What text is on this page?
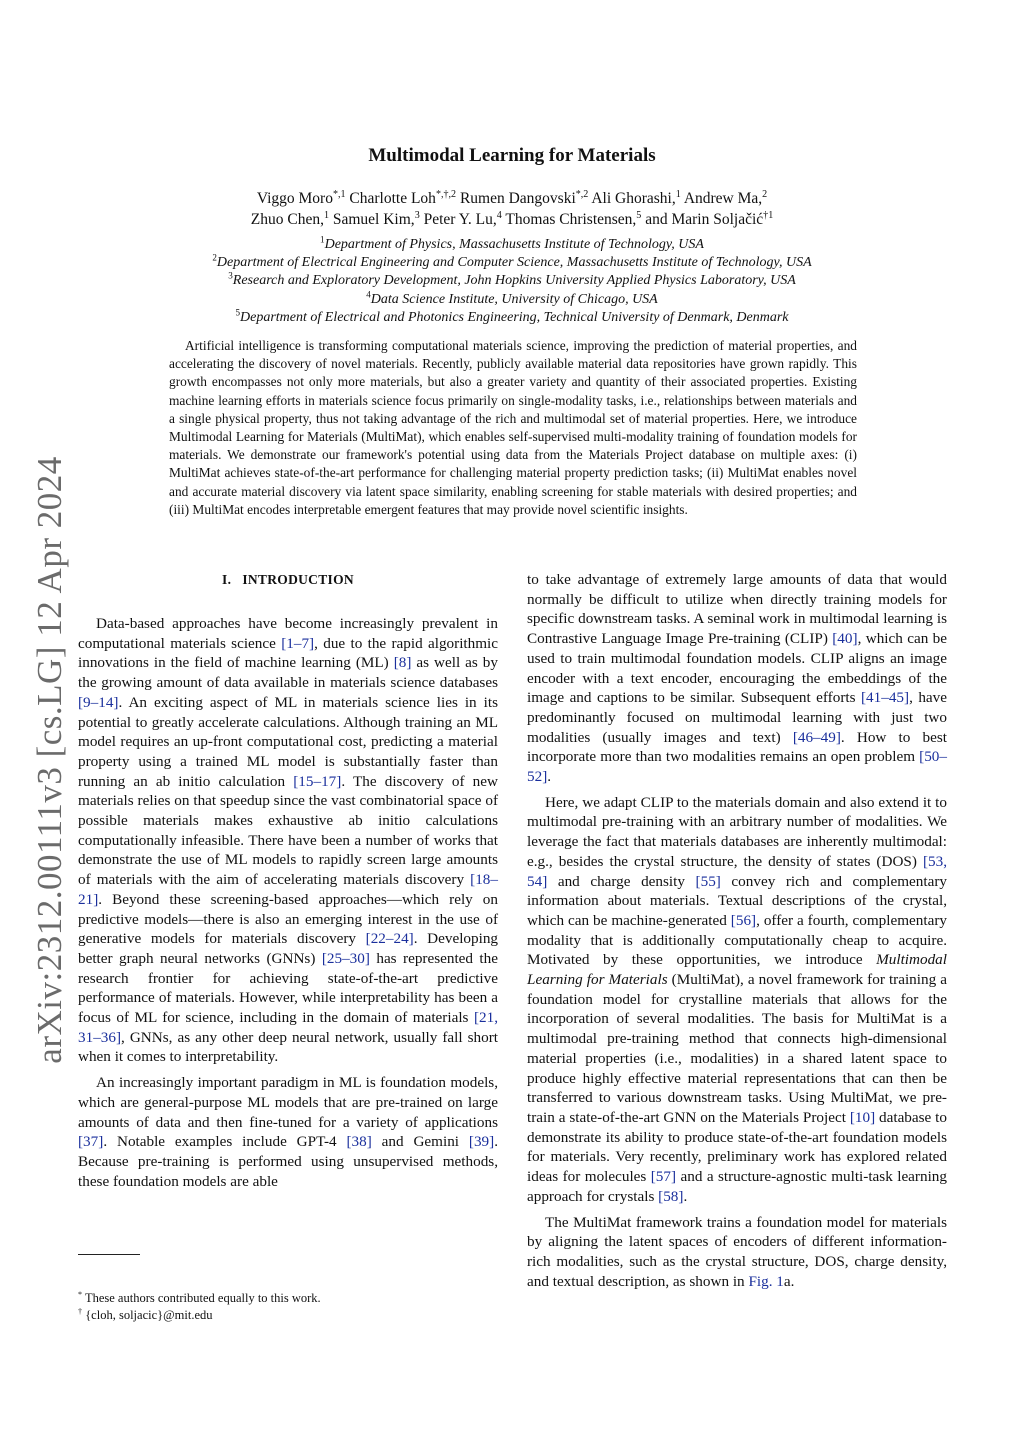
arXiv:2312.00111v3 [cs.LG] 12 Apr 2024
Multimodal Learning for Materials
Viggo Moro$^{*,1}$ Charlotte Loh$^{*,\dagger,2}$ Rumen Dangovski$^{*,2}$ Ali Ghorashi,$^1$ Andrew Ma,$^2$
Zhuo Chen,$^1$ Samuel Kim,$^3$ Peter Y. Lu,$^4$ Thomas Christensen,$^5$ and Marin Soljačić$^{\dagger 1}$
$^1$Department of Physics, Massachusetts Institute of Technology, USA
$^2$Department of Electrical Engineering and Computer Science, Massachusetts Institute of Technology, USA
$^3$Research and Exploratory Development, John Hopkins University Applied Physics Laboratory, USA
$^4$Data Science Institute, University of Chicago, USA
$^5$Department of Electrical and Photonics Engineering, Technical University of Denmark, Denmark
Artificial intelligence is transforming computational materials science, improving the prediction of material properties, and accelerating the discovery of novel materials. Recently, publicly available material data repositories have grown rapidly. This growth encompasses not only more materials, but also a greater variety and quantity of their associated properties. Existing machine learning efforts in materials science focus primarily on single-modality tasks, i.e., relationships between materials and a single physical property, thus not taking advantage of the rich and multimodal set of material properties. Here, we introduce Multimodal Learning for Materials (MultiMat), which enables self-supervised multi-modality training of foundation models for materials. We demonstrate our framework's potential using data from the Materials Project database on multiple axes: (i) MultiMat achieves state-of-the-art performance for challenging material property prediction tasks; (ii) MultiMat enables novel and accurate material discovery via latent space similarity, enabling screening for stable materials with desired properties; and (iii) MultiMat encodes interpretable emergent features that may provide novel scientific insights.
I. INTRODUCTION

Data-based approaches have become increasingly prevalent in computational materials science [1–7], due to the rapid algorithmic innovations in the field of machine learning (ML) [8] as well as by the growing amount of data available in materials science databases [9–14]. An exciting aspect of ML in materials science lies in its potential to greatly accelerate calculations. Although training an ML model requires an up-front computational cost, predicting a material property using a trained ML model is substantially faster than running an ab initio calculation [15–17]. The discovery of new materials relies on that speedup since the vast combinatorial space of possible materials makes exhaustive ab initio calculations computationally infeasible. There have been a number of works that demonstrate the use of ML models to rapidly screen large amounts of materials with the aim of accelerating materials discovery [18–21]. Beyond these screening-based approaches—which rely on predictive models—there is also an emerging interest in the use of generative models for materials discovery [22–24]. Developing better graph neural networks (GNNs) [25–30] has represented the research frontier for achieving state-of-the-art predictive performance of materials. However, while interpretability has been a focus of ML for science, including in the domain of materials [21, 31–36], GNNs, as any other deep neural network, usually fall short when it comes to interpretability.

An increasingly important paradigm in ML is foundation models, which are general-purpose ML models that are pre-trained on large amounts of data and then fine-tuned for a variety of applications [37]. Notable examples include GPT-4 [38] and Gemini [39]. Because pre-training is performed using unsupervised methods, these foundation models are able

to take advantage of extremely large amounts of data that would normally be difficult to utilize when directly training models for specific downstream tasks. A seminal work in multimodal learning is Contrastive Language Image Pre-training (CLIP) [40], which can be used to train multimodal foundation models. CLIP aligns an image encoder with a text encoder, encouraging the embeddings of the image and captions to be similar. Subsequent efforts [41–45], have predominantly focused on multimodal learning with just two modalities (usually images and text) [46–49]. How to best incorporate more than two modalities remains an open problem [50–52].

Here, we adapt CLIP to the materials domain and also extend it to multimodal pre-training with an arbitrary number of modalities. We leverage the fact that materials databases are inherently multimodal: e.g., besides the crystal structure, the density of states (DOS) [53, 54] and charge density [55] convey rich and complementary information about materials. Textual descriptions of the crystal, which can be machine-generated [56], offer a fourth, complementary modality that is additionally computationally cheap to acquire. Motivated by these opportunities, we introduce Multimodal Learning for Materials (MultiMat), a novel framework for training a foundation model for crystalline materials that allows for the incorporation of several modalities. The basis for MultiMat is a multimodal pre-training method that connects high-dimensional material properties (i.e., modalities) in a shared latent space to produce highly effective material representations that can then be transferred to various downstream tasks. Using MultiMat, we pre-train a state-of-the-art GNN on the Materials Project [10] database to demonstrate its ability to produce state-of-the-art foundation models for materials. Very recently, preliminary work has explored related ideas for molecules [57] and a structure-agnostic multi-task learning approach for crystals [58].

The MultiMat framework trains a foundation model for materials by aligning the latent spaces of encoders of different information-rich modalities, such as the crystal structure, DOS, charge density, and textual description, as shown in Fig. 1a.

* These authors contributed equally to this work.
† {cloh, soljacic}@mit.edu
